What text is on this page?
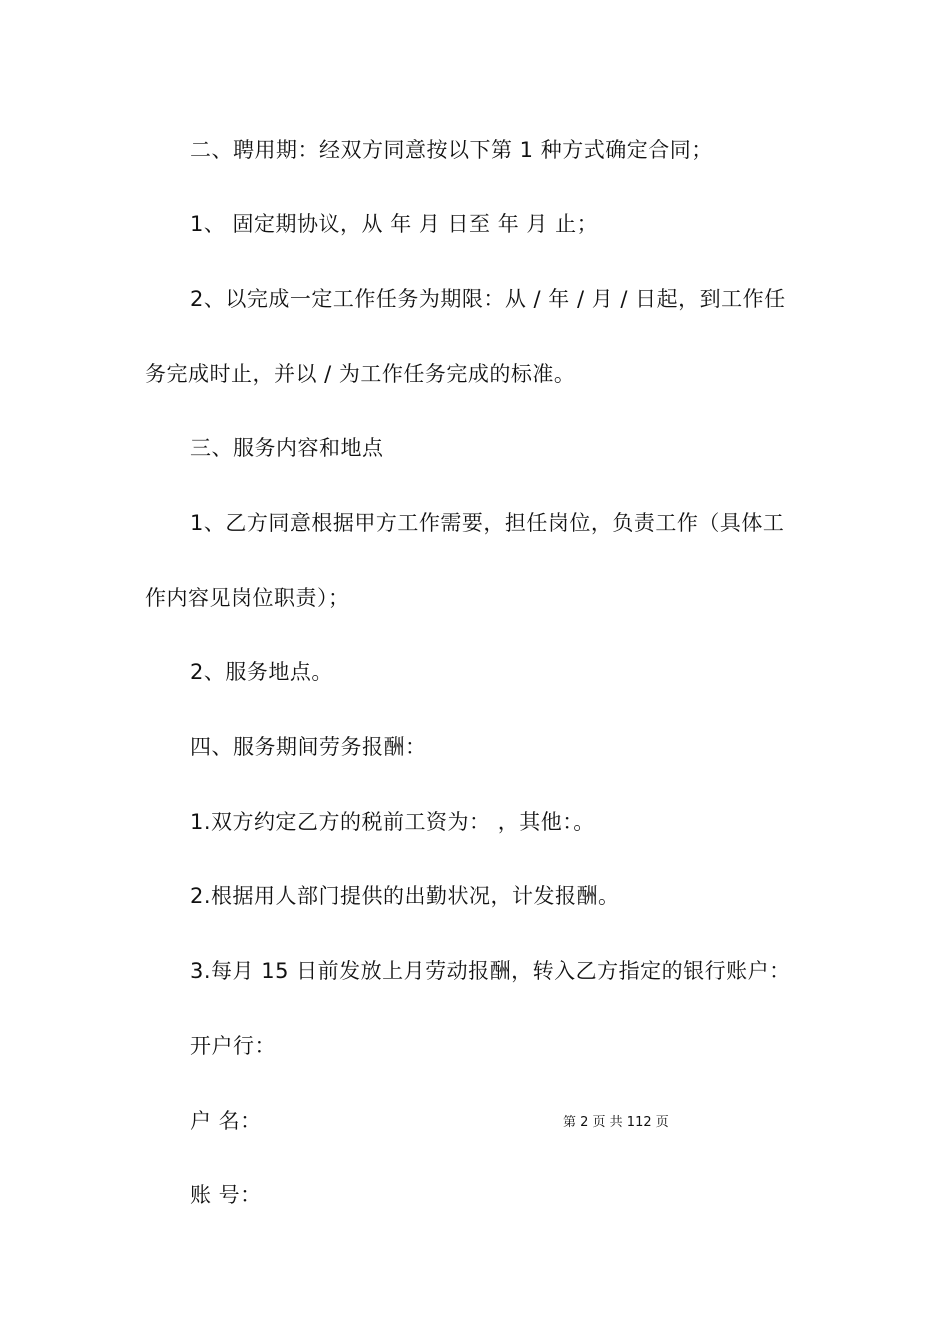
二、聘用期：经双方同意按以下第 1 种方式确定合同；
1、 固定期协议，从 年 月 日至 年 月 止；
2、以完成一定工作任务为期限：从 / 年 / 月 / 日起，到工作任
务完成时止，并以 / 为工作任务完成的标准。
三、服务内容和地点
1、乙方同意根据甲方工作需要，担任岗位，负责工作（具体工
作内容见岗位职责）；
2、服务地点。
四、服务期间劳务报酬：
1.双方约定乙方的税前工资为： ，其他：。
2.根据用人部门提供的出勤状况，计发报酬。
3.每月 15 日前发放上月劳动报酬，转入乙方指定的银行账户：
开户行：
户 名：
账 号：
第 2 页 共 112 页
